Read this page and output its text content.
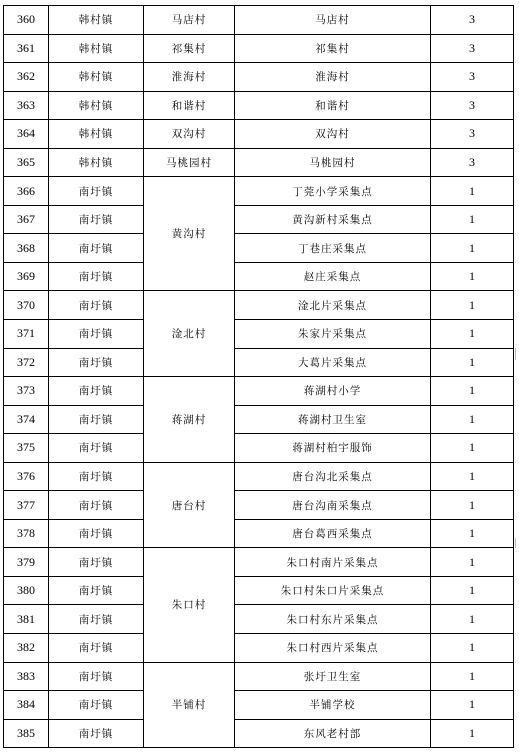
360	韩村镇	马店村	马店村	3
361	韩村镇	祁集村	祁集村	3
362	韩村镇	淮海村	淮海村	3
363	韩村镇	和谐村	和谐村	3
364	韩村镇	双沟村	双沟村	3
365	韩村镇	马桃园村	马桃园村	3
366	南圩镇	黄沟村	丁莞小学采集点	1
367	南圩镇		黄沟新村采集点	1
368	南圩镇		丁巷庄采集点	1
369	南圩镇		赵庄采集点	1
370	南圩镇	淦北村	淦北片采集点	1
371	南圩镇		朱家片采集点	1
372	南圩镇		大葛片采集点	1
373	南圩镇	蒋湖村	蒋湖村小学	1
374	南圩镇		蒋湖村卫生室	1
375	南圩镇		蒋湖村柏宇服饰	1
376	南圩镇	唐台村	唐台沟北采集点	1
377	南圩镇		唐台沟南采集点	1
378	南圩镇		唐台葛西采集点	1
379	南圩镇	朱口村	朱口村南片采集点	1
380	南圩镇		朱口村朱口片采集点	1
381	南圩镇		朱口村东片采集点	1
382	南圩镇		朱口村西片采集点	1
383	南圩镇	半铺村	张圩卫生室	1
384	南圩镇		半铺学校	1
385	南圩镇		东风老村部	1
